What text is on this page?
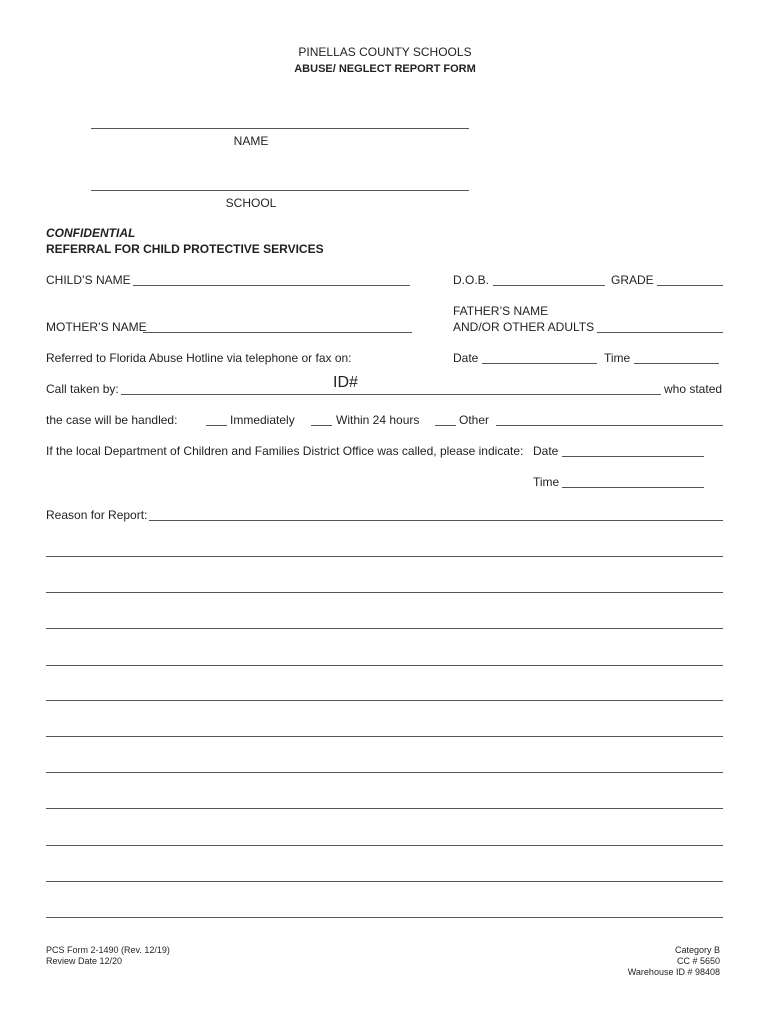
PINELLAS COUNTY SCHOOLS
ABUSE/ NEGLECT REPORT FORM
NAME
SCHOOL
CONFIDENTIAL
REFERRAL FOR CHILD PROTECTIVE SERVICES
CHILD’S NAME	D.O.B.	GRADE
MOTHER’S NAME
FATHER’S NAME
AND/OR OTHER ADULTS
Referred to Florida Abuse Hotline via telephone or fax on:	Date	Time
Call taken by:	ID#	who stated
the case will be handled:	Immediately	Within 24 hours	Other
If the local Department of Children and Families District Office was called, please indicate: Date
Time
Reason for Report:
PCS Form 2-1490 (Rev. 12/19)
Review Date 12/20
Category B
CC # 5650
Warehouse ID # 98408
